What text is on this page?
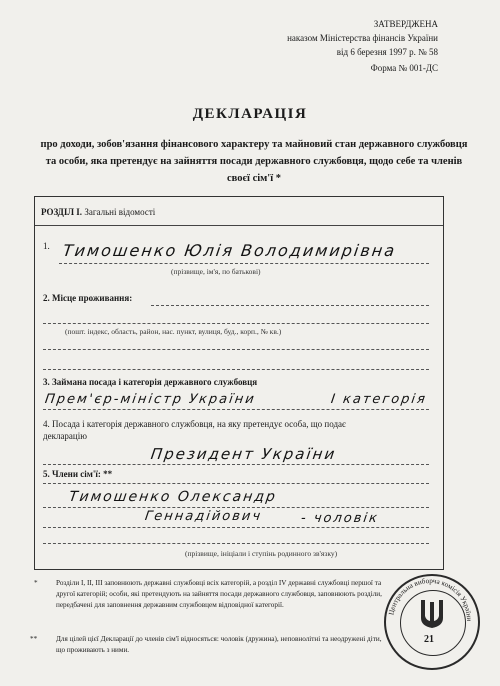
ЗАТВЕРДЖЕНА
наказом Міністерства фінансів України
від 6 березня 1997 р. № 58
Форма № 001-ДС
ДЕКЛАРАЦІЯ
про доходи, зобов'язання фінансового характеру та майновий стан державного службовця та особи, яка претендує на зайняття посади державного службовця, щодо себе та членів своєї сім'ї *
РОЗДІЛ І. Загальні відомості
1. Тимошенко Юлія Володимирівна
(прізвище, ім'я, по батькові)
2. Місце проживання:
(пошт. індекс, область, район, нас. пункт, вулиця, буд., корп., № кв.)
3. Займана посада і категорія державного службовця
Прем'єр-міністр України	I категорія
4. Посада і категорія державного службовця, на яку претендує особа, що подає
декларацію
Президент України
5. Члени сім'ї: **
Тимошенко Олександр
Геннадійович	- чоловік
(прізвище, ініціали і ступінь родинного зв'язку)
*	Розділи І, ІІ, ІІІ заповнюють державні службовці всіх категорій, а розділ IV державні службовці першої та другої категорій; особи, які претендують на зайняття посади державного службовця, заповнюють розділи, передбачені для заповнення державним службовцем відповідної категорії.
**	Для цілей цієї Декларації до членів сім'ї відносяться: чоловік (дружина), неповнолітні та неодружені діти, що проживають з ними.
Центральна виборча комісія України
21
